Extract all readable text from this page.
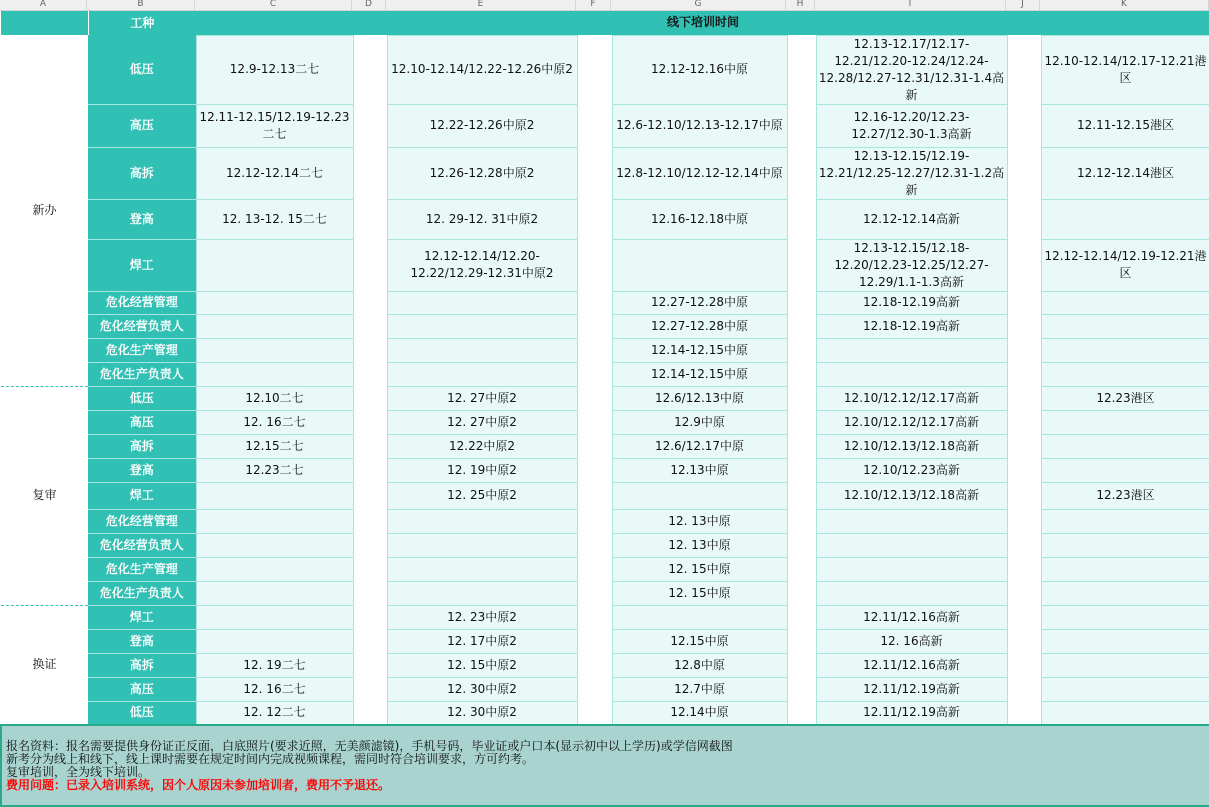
A	B	C	D	E	F	G	H	I	J	K
	工种	线下培训时间								
新办	低压	12.9-12.13二七		12.10-12.14/12.22-12.26中原2		12.12-12.16中原		12.13-12.17/12.17-12.21/12.20-12.24/12.24-12.28/12.27-12.31/12.31-1.4高新		12.10-12.14/12.17-12.21港区
	高压	12.11-12.15/12.19-12.23二七		12.22-12.26中原2		12.6-12.10/12.13-12.17中原		12.16-12.20/12.23-12.27/12.30-1.3高新		12.11-12.15港区
	高拆	12.12-12.14二七		12.26-12.28中原2		12.8-12.10/12.12-12.14中原		12.13-12.15/12.19-12.21/12.25-12.27/12.31-1.2高新		12.12-12.14港区
	登高	12. 13-12. 15二七		12. 29-12. 31中原2		12.16-12.18中原		12.12-12.14高新		
	焊工			12.12-12.14/12.20-12.22/12.29-12.31中原2				12.13-12.15/12.18-12.20/12.23-12.25/12.27-12.29/1.1-1.3高新		12.12-12.14/12.19-12.21港区
	危化经营管理					12.27-12.28中原		12.18-12.19高新		
	危化经营负责人					12.27-12.28中原		12.18-12.19高新		
	危化生产管理					12.14-12.15中原				
	危化生产负责人					12.14-12.15中原				
复审	低压	12.10二七		12. 27中原2		12.6/12.13中原		12.10/12.12/12.17高新		12.23港区
	高压	12. 16二七		12. 27中原2		12.9中原		12.10/12.12/12.17高新		
	高拆	12.15二七		12.22中原2		12.6/12.17中原		12.10/12.13/12.18高新		
	登高	12.23二七		12. 19中原2		12.13中原		12.10/12.23高新		
	焊工			12. 25中原2				12.10/12.13/12.18高新		12.23港区
	危化经营管理					12. 13中原				
	危化经营负责人					12. 13中原				
	危化生产管理					12. 15中原				
	危化生产负责人					12. 15中原				
换证	焊工			12. 23中原2				12.11/12.16高新		
	登高			12. 17中原2		12.15中原		12. 16高新		
	高拆	12. 19二七		12. 15中原2		12.8中原		12.11/12.16高新		
	高压	12. 16二七		12. 30中原2		12.7中原		12.11/12.19高新		
	低压	12. 12二七		12. 30中原2		12.14中原		12.11/12.19高新		

报名资料：报名需要提供身份证正反面，白底照片(要求近照，无美颜滤镜)，手机号码，毕业证或户口本(显示初中以上学历)或学信网截图
新考分为线上和线下，线上课时需要在规定时间内完成视频课程，需同时符合培训要求，方可约考。
复审培训，全为线下培训。
费用问题：已录入培训系统，因个人原因未参加培训者，费用不予退还。										
